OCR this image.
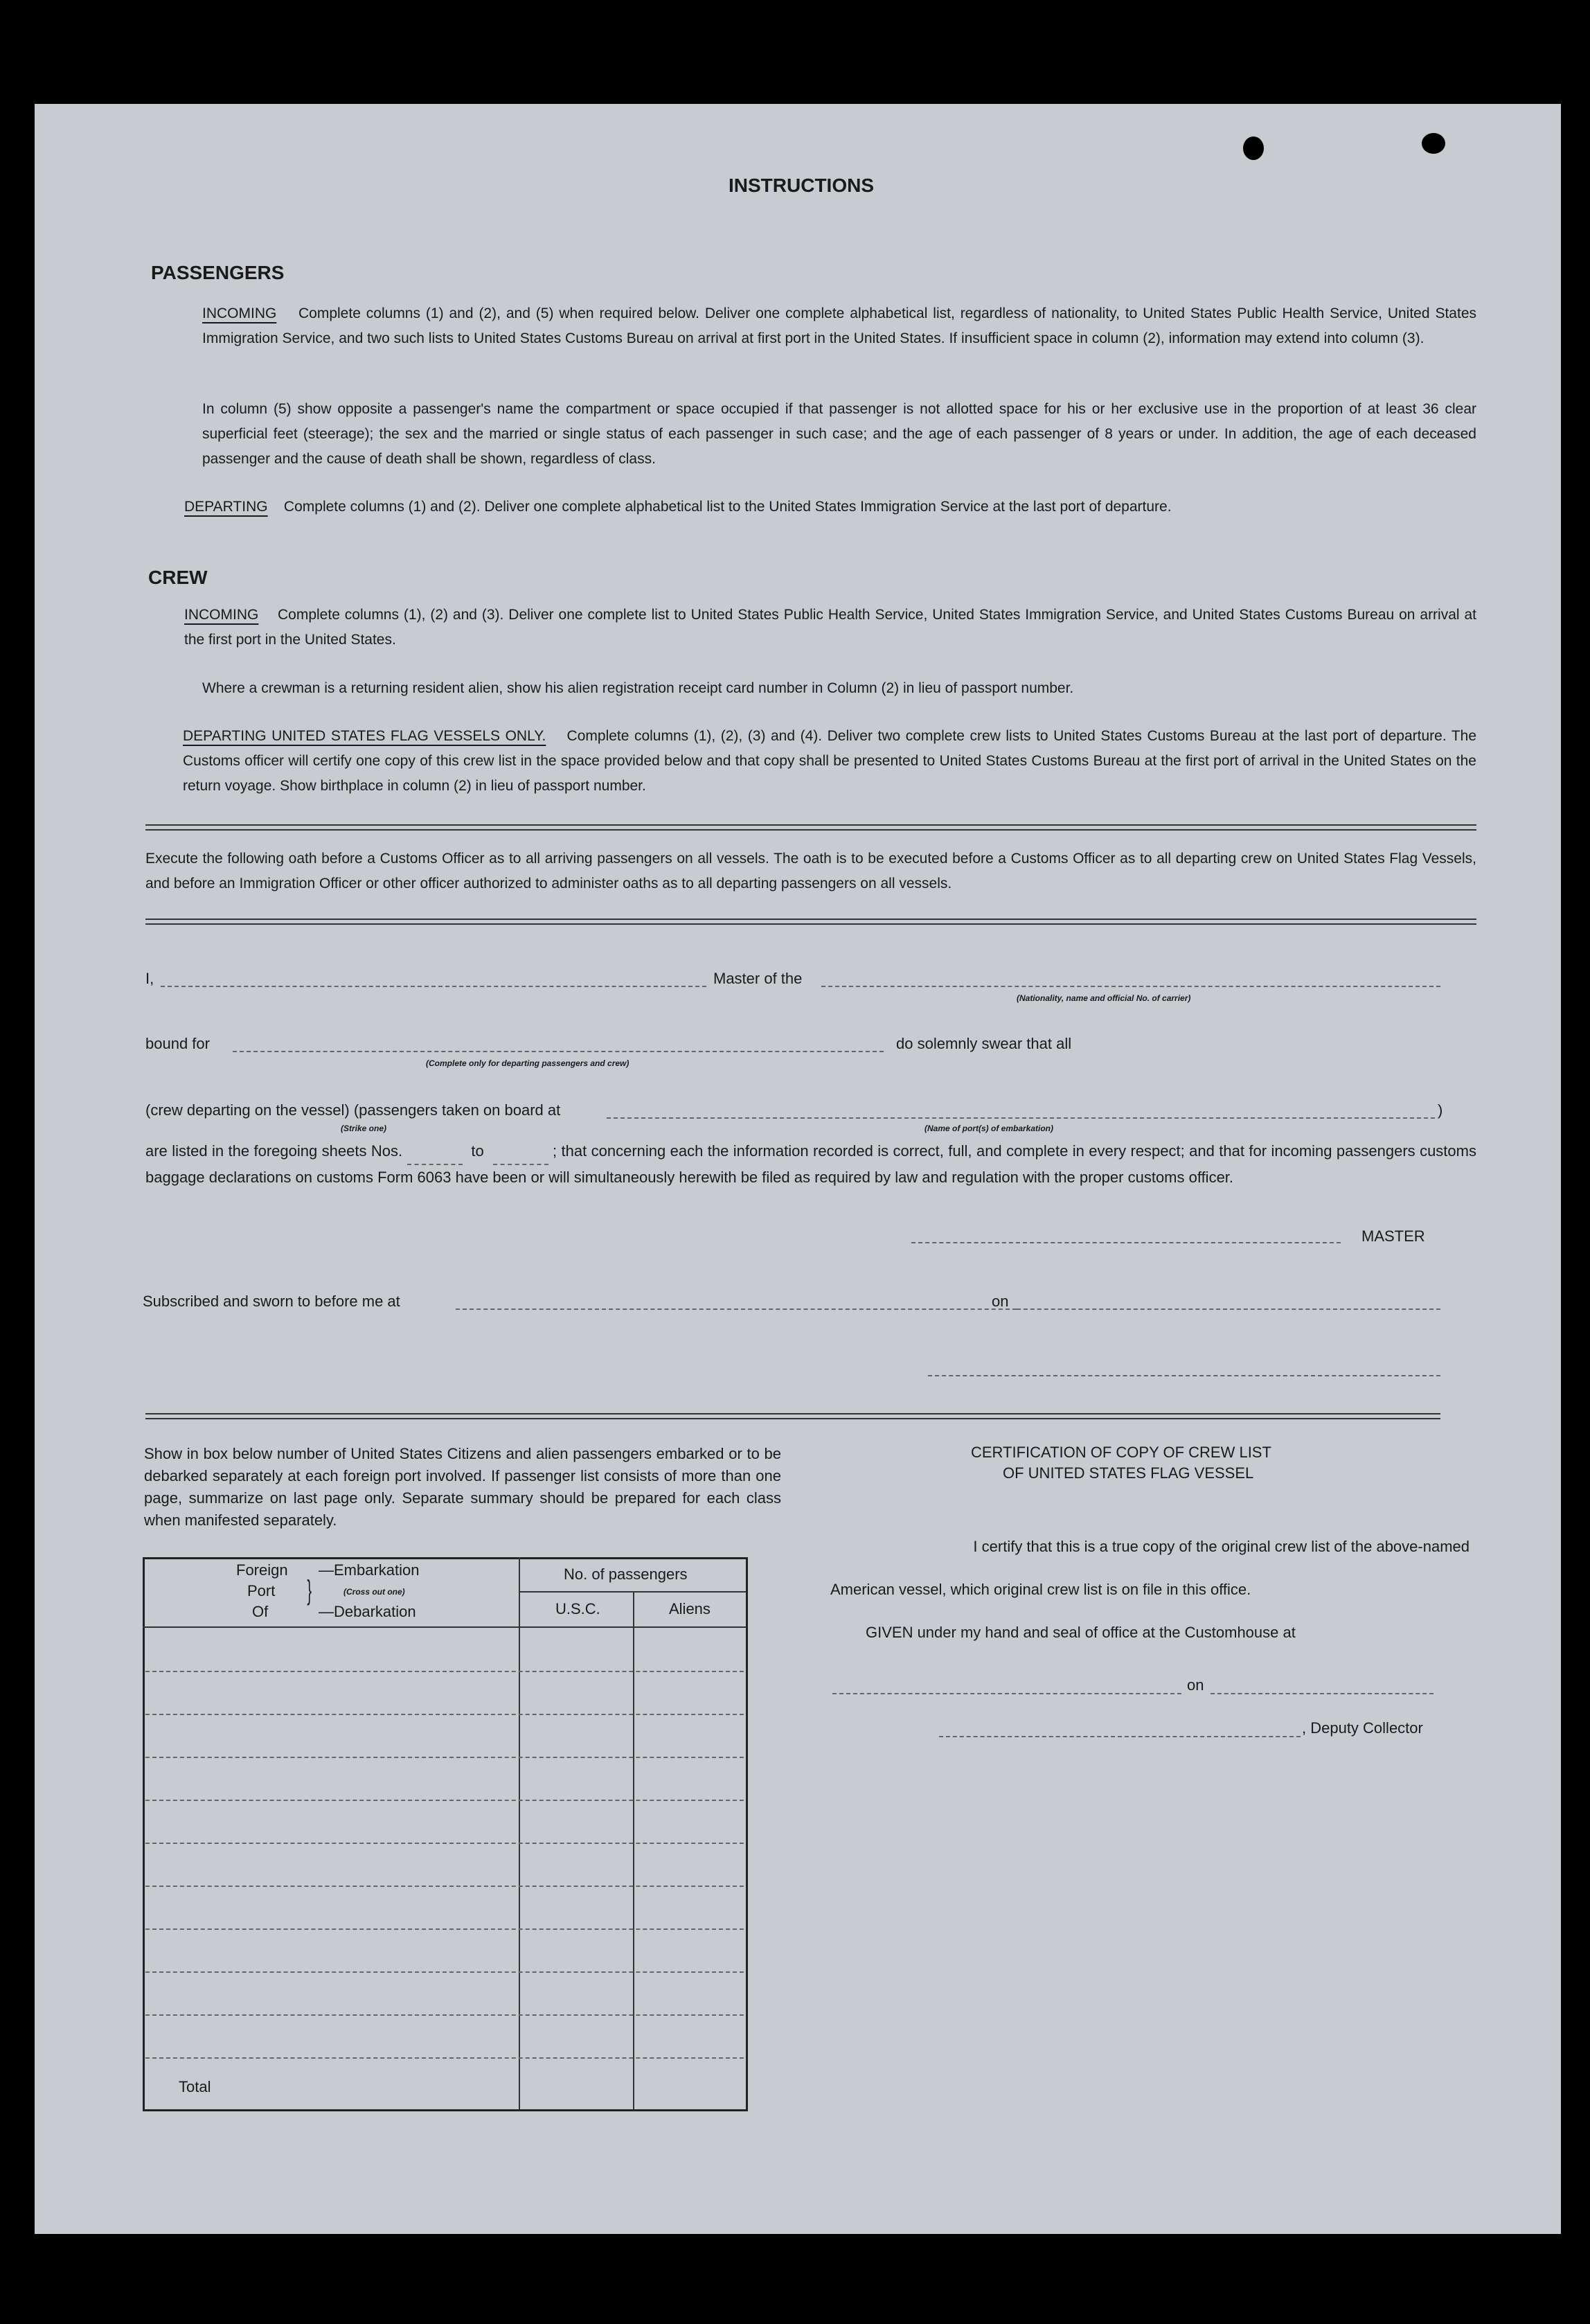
INSTRUCTIONS
PASSENGERS
INCOMING Complete columns (1) and (2), and (5) when required below. Deliver one complete alphabetical list, regardless of nationality, to United States Public Health Service, United States Immigration Service, and two such lists to United States Customs Bureau on arrival at first port in the United States. If insufficient space in column (2), information may extend into column (3).
In column (5) show opposite a passenger's name the compartment or space occupied if that passenger is not allotted space for his or her exclusive use in the proportion of at least 36 clear superficial feet (steerage); the sex and the married or single status of each passenger in such case; and the age of each passenger of 8 years or under. In addition, the age of each deceased passenger and the cause of death shall be shown, regardless of class.
DEPARTING Complete columns (1) and (2). Deliver one complete alphabetical list to the United States Immigration Service at the last port of departure.
CREW
INCOMING Complete columns (1), (2) and (3). Deliver one complete list to United States Public Health Service, United States Immigration Service, and United States Customs Bureau on arrival at the first port in the United States.
Where a crewman is a returning resident alien, show his alien registration receipt card number in Column (2) in lieu of passport number.
DEPARTING UNITED STATES FLAG VESSELS ONLY. Complete columns (1), (2), (3) and (4). Deliver two complete crew lists to United States Customs Bureau at the last port of departure. The Customs officer will certify one copy of this crew list in the space provided below and that copy shall be presented to United States Customs Bureau at the first port of arrival in the United States on the return voyage. Show birthplace in column (2) in lieu of passport number.
Execute the following oath before a Customs Officer as to all arriving passengers on all vessels. The oath is to be executed before a Customs Officer as to all departing crew on United States Flag Vessels, and before an Immigration Officer or other officer authorized to administer oaths as to all departing passengers on all vessels.
I,	Master of the
(Nationality, name and official No. of carrier)
bound for
(Complete only for departing passengers and crew)
do solemnly swear that all
(crew departing on the vessel) (passengers taken on board at	)
(Strike one)	(Name of port(s) of embarkation)
are listed in the foregoing sheets Nos.	to	; that concerning each the information recorded is correct, full, and complete in every respect; and that for incoming passengers customs baggage declarations on customs Form 6063 have been or will simultaneously herewith be filed as required by law and regulation with the proper customs officer.
MASTER
Subscribed and sworn to before me at	on
Show in box below number of United States Citizens and alien passengers embarked or to be debarked separately at each foreign port involved. If passenger list consists of more than one page, summarize on last page only. Separate summary should be prepared for each class when manifested separately.
Foreign
Port
Of
}
—Embarkation
(Cross out one)
—Debarkation
No. of passengers
U.S.C.	Aliens
Total
CERTIFICATION OF COPY OF CREW LIST
OF UNITED STATES FLAG VESSEL
I certify that this is a true copy of the original crew list of the above-named
American vessel, which original crew list is on file in this office.
GIVEN under my hand and seal of office at the Customhouse at
on
, Deputy Collector
